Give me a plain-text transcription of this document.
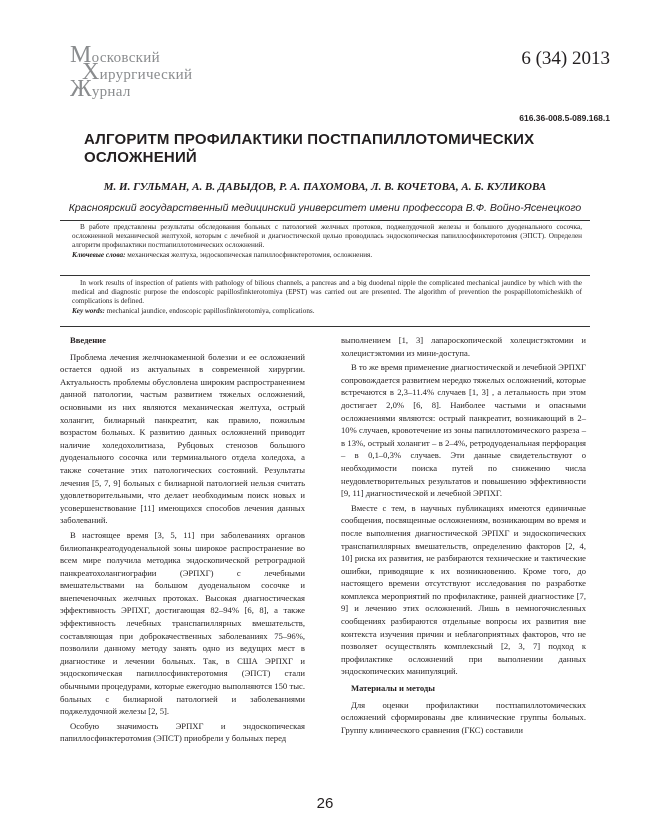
Московский
Хирургический
Журнал
6 (34) 2013
616.36-008.5-089.168.1
АЛГОРИТМ ПРОФИЛАКТИКИ ПОСТПАПИЛЛОТОМИЧЕСКИХ ОСЛОЖНЕНИЙ
М. И. ГУЛЬМАН, А. В. ДАВЫДОВ, Р. А. ПАХОМОВА, Л. В. КОЧЕТОВА, А. Б. КУЛИКОВА
Красноярский государственный медицинский университет имени профессора В.Ф. Войно-Ясенецкого

В работе представлены результаты обследования больных с патологией желчных протоков, поджелудочной железы и большого дуоденального сосочка, осложненной механической желтухой, которым с лечебной и диагностической целью проводилась эндоскопическая папиллосфинктеротомия (ЭПСТ). Определен алгоритм профилактики постпапиллотомических осложнений.
Ключевые слова: механическая желтуха, эндоскопическая папиллосфинктеротомия, осложнения.

In work results of inspection of patients with pathology of bilious channels, a pancreas and a big duodenal nipple the complicated mechanical jaundice by which with the medical and diagnostic purpose the endoscopic papillosfinkterotomiya (EPST) was carried out are presented. The algorithm of prevention the pospapillotomicheskikh of complications is defined.
Key words: mechanical jaundice, endoscopic papillosfinkterotomiya, complications.

Введение

Проблема лечения желчнокаменной болезни и ее осложнений остается одной из актуальных в современной хирургии. Актуальность проблемы обусловлена широким распространением данной патологии, частым развитием тяжелых осложнений, основными из них являются механическая желтуха, острый холангит, билиарный панкреатит, как правило, пожилым возрастом больных. К развитию данных осложнений приводит наличие холедохолитиаза, Рубцовых стенозов большого дуоденального сосочка или терминального отдела холедоха, а также сочетание этих патологических состояний. Результаты лечения [5, 7, 9] больных с билиарной патологией нельзя считать удовлетворительными, что делает необходимым поиск новых и усовершенствование [11] имеющихся способов лечения данных заболеваний.

В настоящее время [3, 5, 11] при заболеваниях органов билиопанкреатодуоденальной зоны широкое распространение во всем мире получила методика эндоскопической ретроградной панкреатохолангиографии (ЭРПХГ) с лечебными вмешательствами на большом дуоденальном сосочке и внепеченочных желчных протоках. Высокая диагностическая эффективность ЭРПХГ, достигающая 82–94% [6, 8], а также эффективность лечебных транспапиллярных вмешательств, составляющая при доброкачественных заболеваниях 75–96%, позволили данному методу занять одно из ведущих мест в диагностике и лечении больных. Так, в США ЭРПХГ и эндоскопическая папиллосфинктеротомия (ЭПСТ) стали обычными процедурами, которые ежегодно выполняются 150 тыс. больных с билиарной патологией и заболеваниями поджелудочной железы [2, 5].

Особую значимость ЭРПХГ и эндоскопическая папиллосфинктеротомия (ЭПСТ) приобрели у больных перед

выполнением [1, 3] лапароскопической холецистэктомии и холецистэктомии из мини-доступа.

В то же время применение диагностической и лечебной ЭРПХГ сопровождается развитием нередко тяжелых осложнений, которые встречаются в 2,3–11.4% случаев [1, 3] , а летальность при этом достигает 2,0% [6, 8]. Наиболее частыми и опасными осложнениями являются: острый панкреатит, возникающий в 2–10% случаев, кровотечение из зоны папиллотомического разреза – в 13%, острый холангит – в 2–4%, ретродуоденальная перфорация – в 0,1–0,3% случаев. Эти данные свидетельствуют о необходимости поиска путей по снижению числа неудовлетворительных результатов и повышению эффективности [9, 11] диагностической и лечебной ЭРПХГ.

Вместе с тем, в научных публикациях имеются единичные сообщения, посвященные осложнениям, возникающим во время и после выполнения диагностической ЭРПХГ и эндоскопических транспапиллярных вмешательств, определению факторов [2, 4, 10] риска их развития, не разбираются технические и тактические ошибки, приводящие к их возникновению. Кроме того, до настоящего времени отсутствуют исследования по разработке комплекса мероприятий по профилактике, ранней диагностике [7, 9] и лечению этих осложнений. Лишь в немногочисленных сообщениях разбираются отдельные вопросы их развития вне контекста изучения причин и неблагоприятных факторов, что не позволяет осуществлять комплексный [2, 3, 7] подход к профилактике осложнений при выполнении данных эндоскопических манипуляций.

Материалы и методы

Для оценки профилактики постпапиллотомических осложнений сформированы две клинические группы больных. Группу клинического сравнения (ГКС) составили

26
